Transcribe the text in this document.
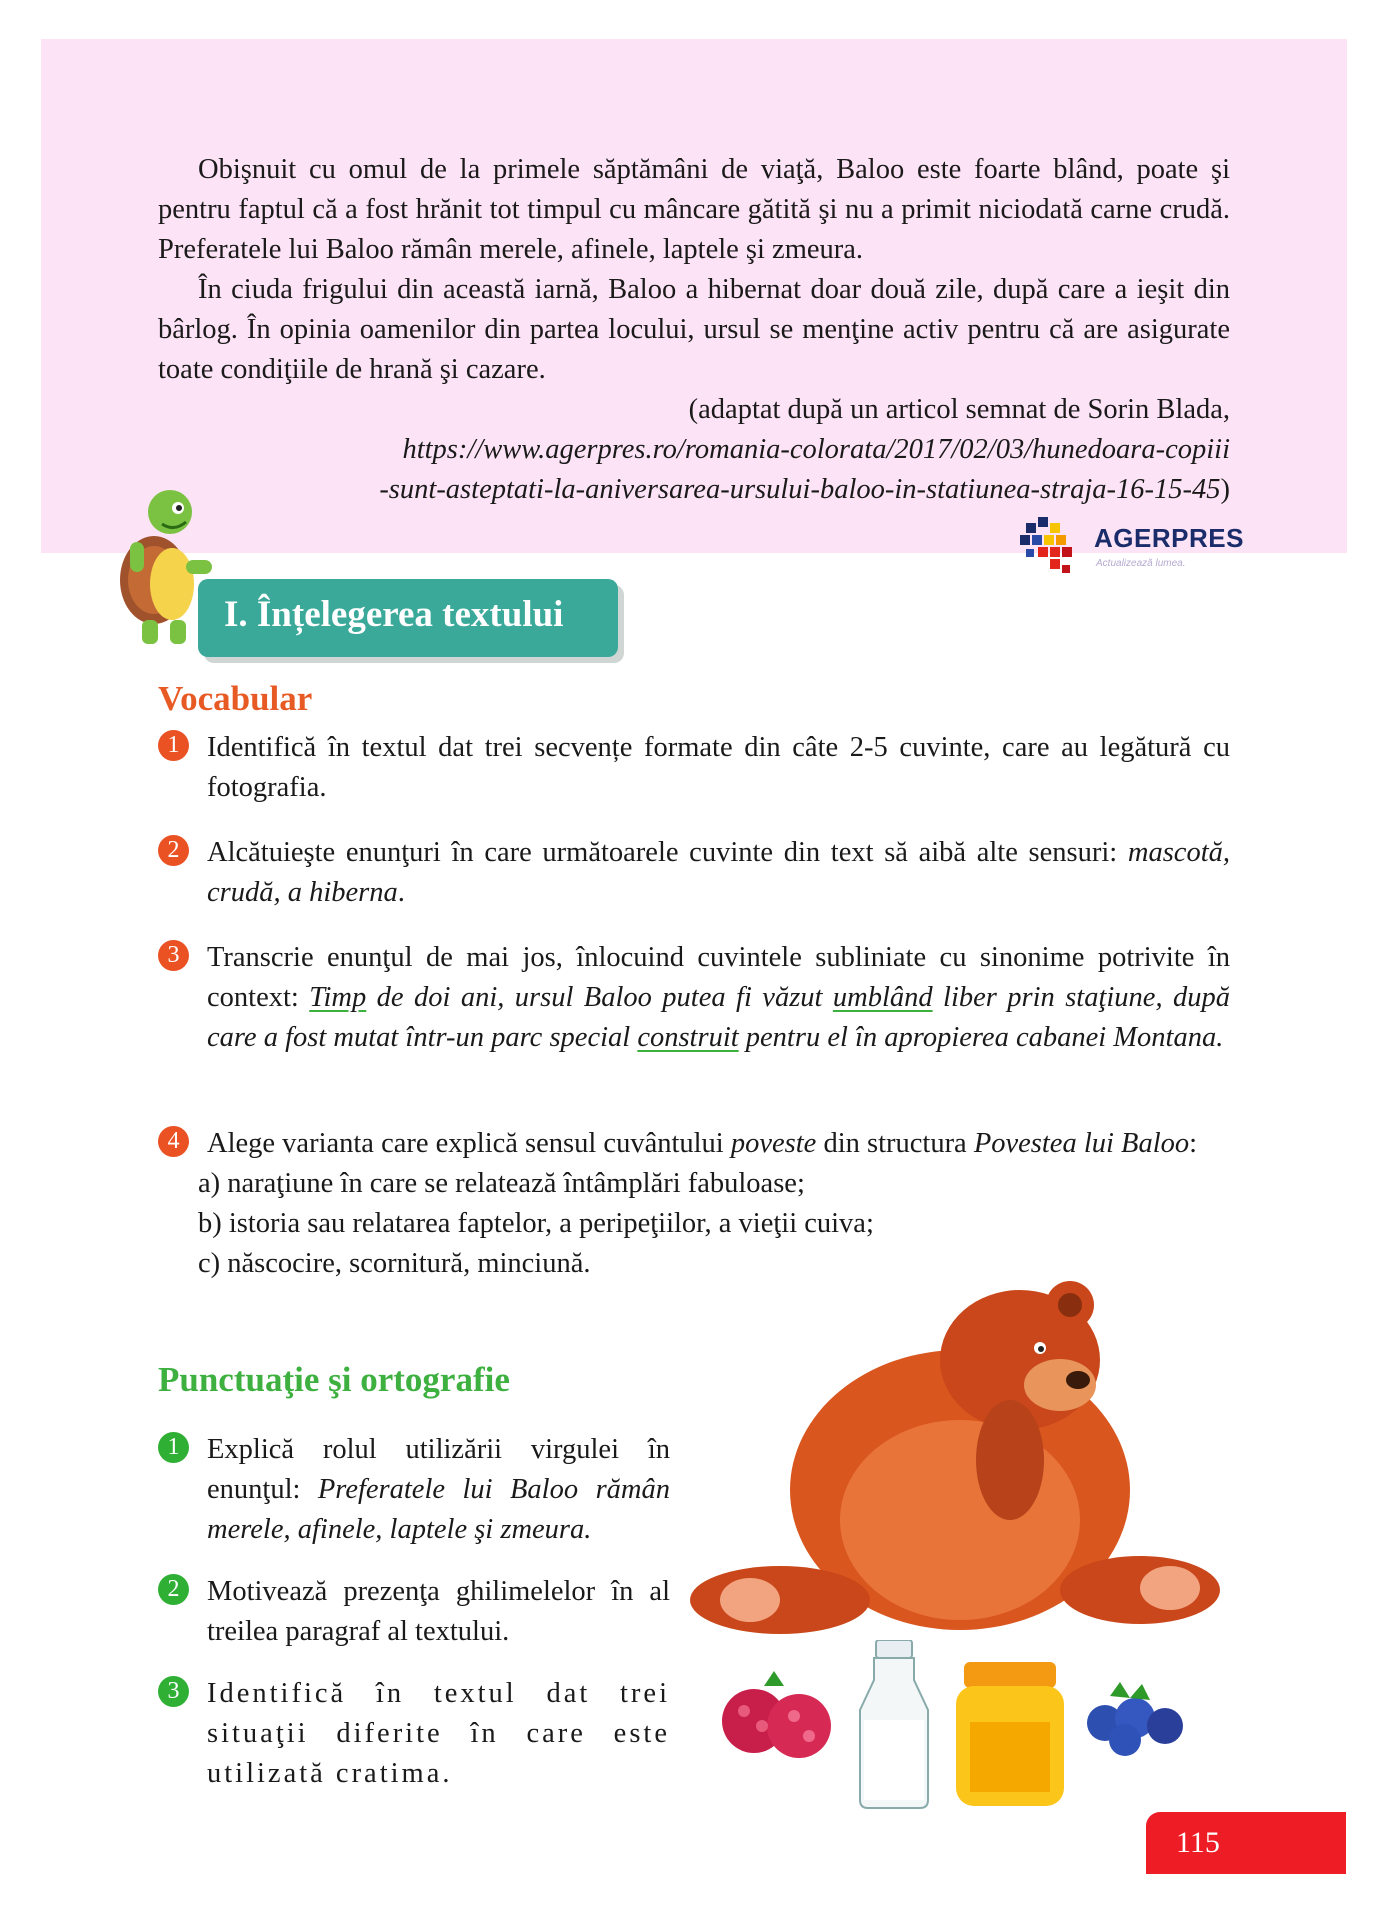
Obişnuit cu omul de la primele săptămâni de viaţă, Baloo este foarte blând, poate şi pentru faptul că a fost hrănit tot timpul cu mâncare gătită şi nu a primit niciodată carne crudă. Preferatele lui Baloo rămân merele, afinele, laptele şi zmeura.

În ciuda frigului din această iarnă, Baloo a hibernat doar două zile, după care a ieşit din bârlog. În opinia oamenilor din partea locului, ursul se menţine activ pentru că are asigurate toate condiţiile de hrană şi cazare.

(adaptat după un articol semnat de Sorin Blada,

https://www.agerpres.ro/romania-colorata/2017/02/03/hunedoara-copiii

-sunt-asteptati-la-aniversarea-ursului-baloo-in-statiunea-straja-16-15-45)

AGERPRES
Actualizează lumea.
I. Înțelegerea textului
Vocabular
1 Identifică în textul dat trei secvențe formate din câte 2-5 cuvinte, care au legătură cu fotografia.

2 Alcătuieşte enunţuri în care următoarele cuvinte din text să aibă alte sensuri: mascotă, crudă, a hiberna.

3 Transcrie enunţul de mai jos, înlocuind cuvintele subliniate cu sinonime potrivite în context: Timp de doi ani, ursul Baloo putea fi văzut umblând liber prin staţiune, după care a fost mutat într-un parc special construit pentru el în apropierea cabanei Montana.

4 Alege varianta care explică sensul cuvântului poveste din structura Povestea lui Baloo:

a) naraţiune în care se relatează întâmplări fabuloase;

b) istoria sau relatarea faptelor, a peripeţiilor, a vieţii cuiva;

c) născocire, scornitură, minciună.

Punctuaţie şi ortografie
1 Explică rolul utilizării virgulei în enunţul: Preferatele lui Baloo rămân merele, afinele, laptele şi zmeura.

2 Motivează prezenţa ghilimelelor în al treilea paragraf al textului.

3 Identifică în textul dat trei situaţii diferite în care este utilizată cratima.

115
